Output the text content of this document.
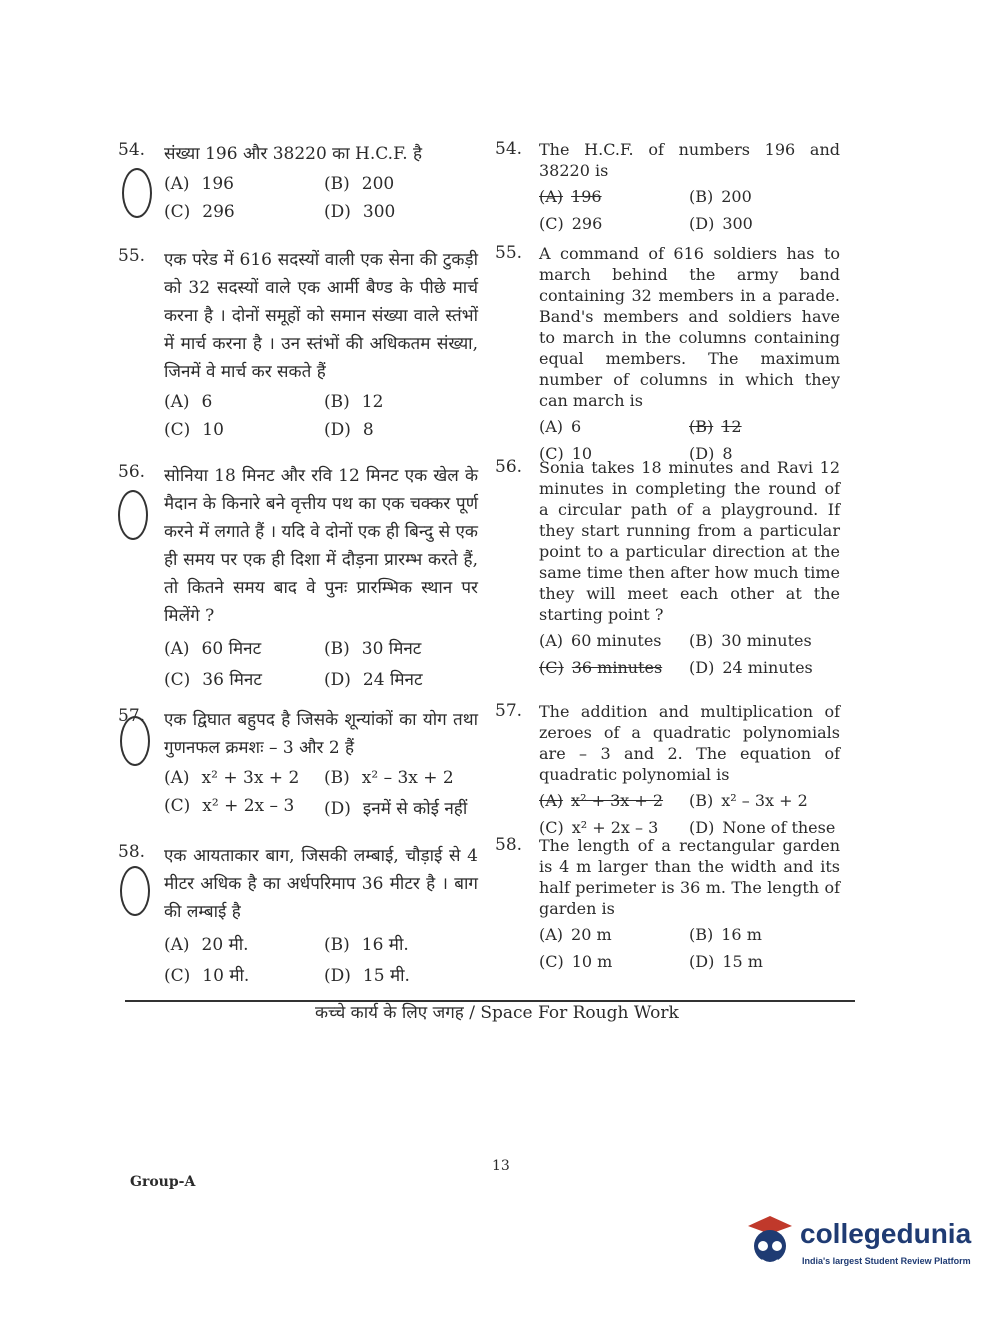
54. संख्या 196 और 38220 का H.C.F. है
(A) 196	(B) 200
(C) 296	(D) 300
55. एक परेड में 616 सदस्यों वाली एक सेना की टुकड़ी को 32 सदस्यों वाले एक आर्मी बैण्ड के पीछे मार्च करना है । दोनों समूहों को समान संख्या वाले स्तंभों में मार्च करना है । उन स्तंभों की अधिकतम संख्या, जिनमें वे मार्च कर सकते हैं
(A) 6	(B) 12
(C) 10	(D) 8
56. सोनिया 18 मिनट और रवि 12 मिनट एक खेल के मैदान के किनारे बने वृत्तीय पथ का एक चक्कर पूर्ण करने में लगाते हैं । यदि वे दोनों एक ही बिन्दु से एक ही समय पर एक ही दिशा में दौड़ना प्रारम्भ करते हैं, तो कितने समय बाद वे पुनः प्रारम्भिक स्थान पर मिलेंगे ?
(A) 60 मिनट	(B) 30 मिनट
(C) 36 मिनट	(D) 24 मिनट
57. एक द्विघात बहुपद है जिसके शून्यांकों का योग तथा गुणनफल क्रमशः – 3 और 2 हैं
(A) x² + 3x + 2	(B) x² – 3x + 2
(C) x² + 2x – 3	(D) इनमें से कोई नहीं
58. एक आयताकार बाग, जिसकी लम्बाई, चौड़ाई से 4 मीटर अधिक है का अर्धपरिमाप 36 मीटर है । बाग की लम्बाई है
(A) 20 मी.	(B) 16 मी.
(C) 10 मी.	(D) 15 मी.
54. The H.C.F. of numbers 196 and 38220 is
(A) 196	(B) 200
(C) 296	(D) 300
55. A command of 616 soldiers has to march behind the army band containing 32 members in a parade. Band's members and soldiers have to march in the columns containing equal members. The maximum number of columns in which they can march is
(A) 6	(B) 12
(C) 10	(D) 8
56. Sonia takes 18 minutes and Ravi 12 minutes in completing the round of a circular path of a playground. If they start running from a particular point to a particular direction at the same time then after how much time they will meet each other at the starting point ?
(A) 60 minutes	(B) 30 minutes
(C) 36 minutes	(D) 24 minutes
57. The addition and multiplication of zeroes of a quadratic polynomials are – 3 and 2. The equation of quadratic polynomial is
(A) x² + 3x + 2	(B) x² – 3x + 2
(C) x² + 2x – 3	(D) None of these
58. The length of a rectangular garden is 4 m larger than the width and its half perimeter is 36 m. The length of garden is
(A) 20 m	(B) 16 m
(C) 10 m	(D) 15 m
कच्चे कार्य के लिए जगह / Space For Rough Work
13
Group-A
collegedunia
India's largest Student Review Platform
